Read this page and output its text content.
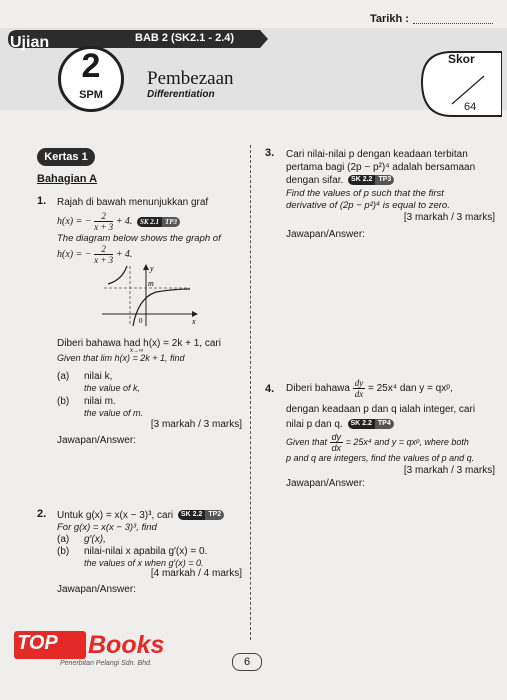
Tarikh :
Ujian	BAB 2 (SK2.1 - 2.4)
2
SPM
Pembezaan
Differentiation
Skor
64
Kertas 1
Bahagian A
1. Rajah di bawah menunjukkan graf
h(x) = − $\frac{2}{x + 3} + 4$. SK 2.1 TP3
The diagram below shows the graph of
h(x) = − $\frac{2}{x + 3} + 4$.
y
x
m
0
Diberi bahawa had h(x) = 2k + 1, cari
x→∞
Given that lim h(x) = 2k + 1, find
(a) nilai k,
the value of k,
(b) nilai m.
the value of m.
[3 markah / 3 marks]
Jawapan/Answer:
2. Untuk g(x) = x(x − 3)³, cari SK 2.2 TP2
For g(x) = x(x − 3)³, find
(a) g′(x),
(b) nilai-nilai x apabila g′(x) = 0.
the values of x when g′(x) = 0.
[4 markah / 4 marks]
Jawapan/Answer:
3. Cari nilai-nilai p dengan keadaan terbitan
pertama bagi (2p − p²)⁴ adalah bersamaan
dengan sifar. SK 2.2 TP3
Find the values of p such that the first
derivative of (2p − p²)⁴ is equal to zero.
[3 markah / 3 marks]
Jawapan/Answer:
4. Diberi bahawa $\frac{dy}{dx} = 25x^4$ dan y = qxᵖ,
dengan keadaan p dan q ialah integer, cari
nilai p dan q. SK 2.2 TP4
Given that $\frac{dy}{dx} = 25x^4$ and y = qxᵖ, where both
p and q are integers, find the values of p and q.
[3 markah / 3 marks]
Jawapan/Answer:
6
TOP Books
Penerbitan Pelangi Sdn. Bhd.
